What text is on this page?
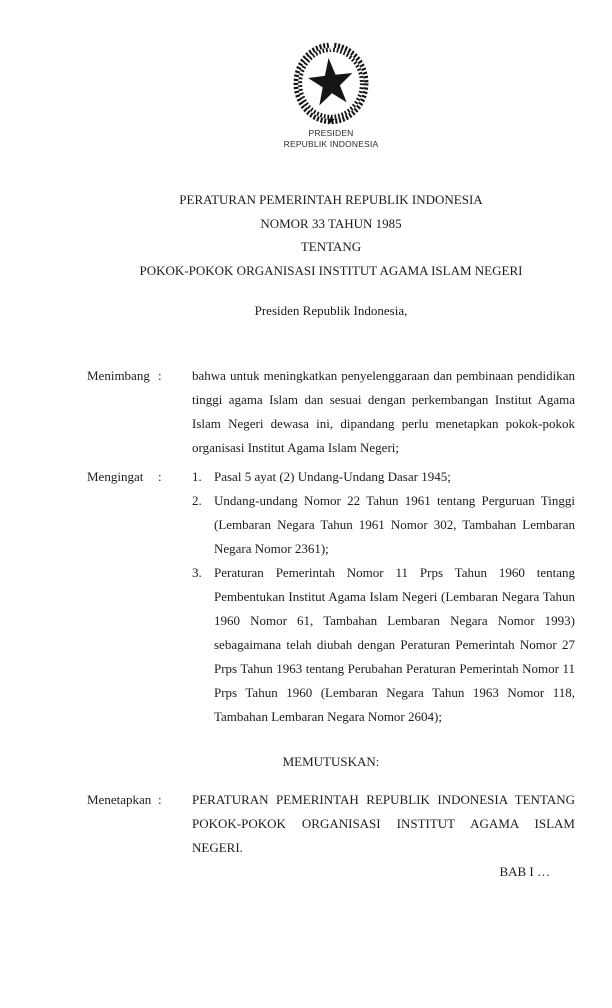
PRESIDEN
REPUBLIK INDONESIA
PERATURAN PEMERINTAH REPUBLIK INDONESIA
NOMOR 33 TAHUN 1985
TENTANG
POKOK-POKOK ORGANISASI INSTITUT AGAMA ISLAM NEGERI
Presiden Republik Indonesia,
Menimbang :	bahwa untuk meningkatkan penyelenggaraan dan pembinaan pendidikan tinggi agama Islam dan sesuai dengan perkembangan Institut Agama Islam Negeri dewasa ini, dipandang perlu menetapkan pokok-pokok organisasi Institut Agama Islam Negeri;
Mengingat	:	1. Pasal 5 ayat (2) Undang-Undang Dasar 1945;
2. Undang-undang Nomor 22 Tahun 1961 tentang Perguruan Tinggi (Lembaran Negara Tahun 1961 Nomor 302, Tambahan Lembaran Negara Nomor 2361);
3. Peraturan Pemerintah Nomor 11 Prps Tahun 1960 tentang Pembentukan Institut Agama Islam Negeri (Lembaran Negara Tahun 1960 Nomor 61, Tambahan Lembaran Negara Nomor 1993) sebagaimana telah diubah dengan Peraturan Pemerintah Nomor 27 Prps Tahun 1963 tentang Perubahan Peraturan Pemerintah Nomor 11 Prps Tahun 1960 (Lembaran Negara Tahun 1963 Nomor 118, Tambahan Lembaran Negara Nomor 2604);
MEMUTUSKAN:
Menetapkan :	PERATURAN PEMERINTAH REPUBLIK INDONESIA TENTANG POKOK-POKOK ORGANISASI INSTITUT AGAMA ISLAM NEGERI.
BAB I …
